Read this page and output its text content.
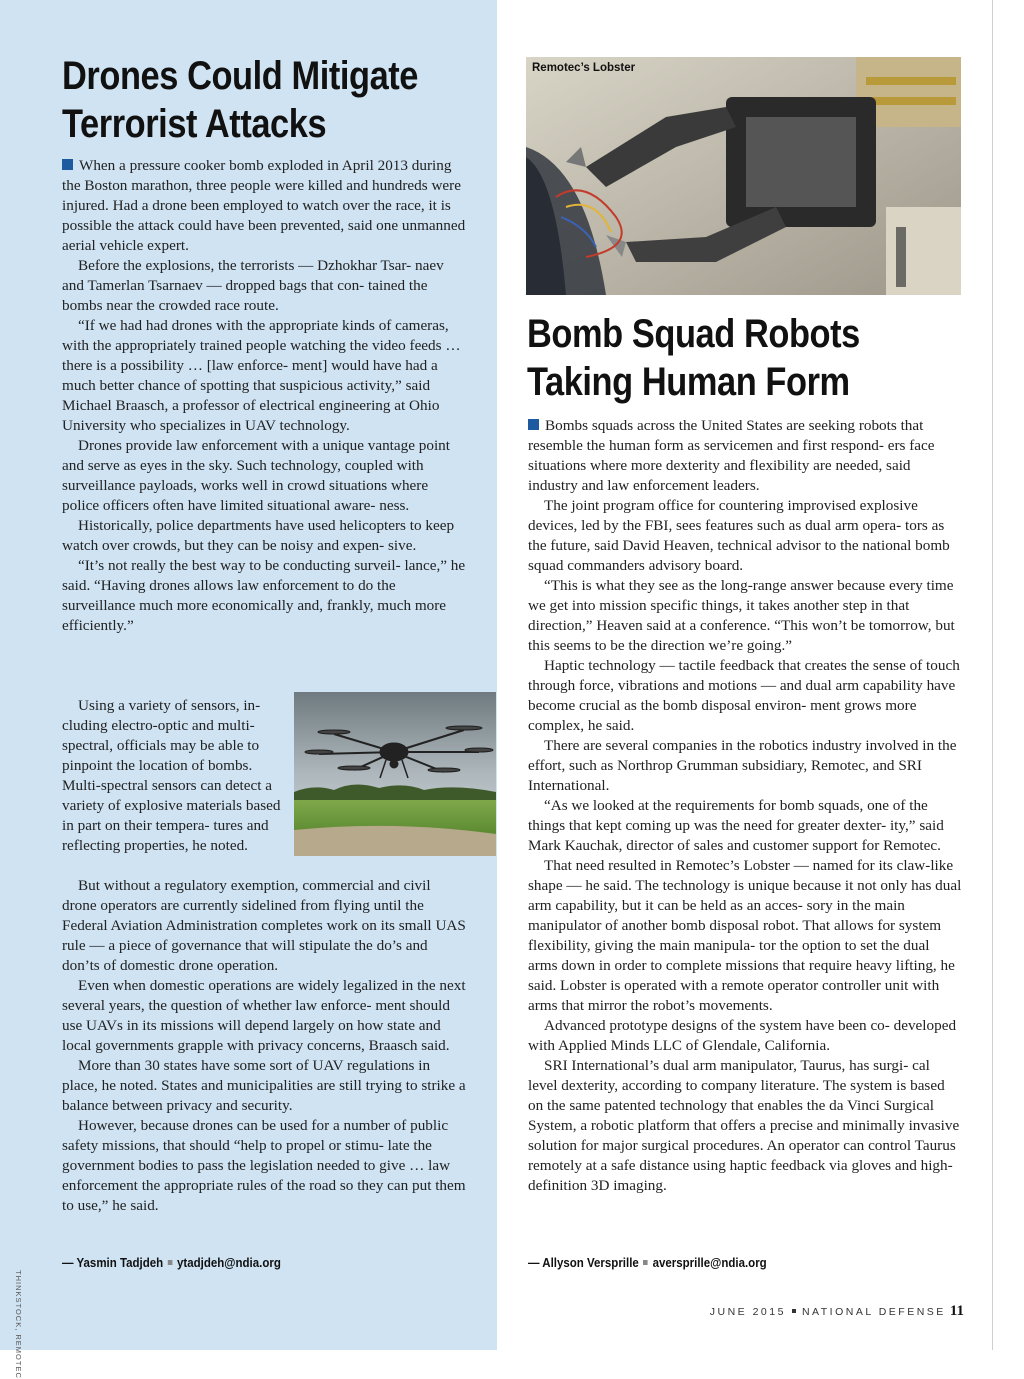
Drones Could Mitigate
Terrorist Attacks

When a pressure cooker bomb exploded in April 2013 during the Boston marathon, three people were killed and hundreds were injured. Had a drone been employed to watch over the race, it is possible the attack could have been prevented, said one unmanned aerial vehicle expert.

Before the explosions, the terrorists — Dzhokhar Tsar- naev and Tamerlan Tsarnaev — dropped bags that con- tained the bombs near the crowded race route.

“If we had had drones with the appropriate kinds of cameras, with the appropriately trained people watching the video feeds … there is a possibility … [law enforce- ment] would have had a much better chance of spotting that suspicious activity,” said Michael Braasch, a professor of electrical engineering at Ohio University who specializes in UAV technology.

Drones provide law enforcement with a unique vantage point and serve as eyes in the sky. Such technology, coupled with surveillance payloads, works well in crowd situations where police officers often have limited situational aware- ness.

Historically, police departments have used helicopters to keep watch over crowds, but they can be noisy and expen- sive.

“It’s not really the best way to be conducting surveil- lance,” he said. “Having drones allows law enforcement to do the surveillance much more economically and, frankly, much more efficiently.”

Using a variety of sensors, in- cluding electro-optic and multi- spectral, officials may be able to pinpoint the location of bombs. Multi-spectral sensors can detect a variety of explosive materials based in part on their tempera- tures and reflecting properties, he noted.

But without a regulatory exemption, commercial and civil drone operators are currently sidelined from flying until the Federal Aviation Administration completes work on its small UAS rule — a piece of governance that will stipulate the do’s and don’ts of domestic drone operation.

Even when domestic operations are widely legalized in the next several years, the question of whether law enforce- ment should use UAVs in its missions will depend largely on how state and local governments grapple with privacy concerns, Braasch said.

More than 30 states have some sort of UAV regulations in place, he noted. States and municipalities are still trying to strike a balance between privacy and security.

However, because drones can be used for a number of public safety missions, that should “help to propel or stimu- late the government bodies to pass the legislation needed to give … law enforcement the appropriate rules of the road so they can put them to use,” he said.

— Yasmin Tadjdeh ytadjdeh@ndia.org
THINKSTOCK, REMOTEC
Remotec’s Lobster
Bomb Squad Robots
Taking Human Form

Bombs squads across the United States are seeking robots that resemble the human form as servicemen and first respond- ers face situations where more dexterity and flexibility are needed, said industry and law enforcement leaders.

The joint program office for countering improvised explosive devices, led by the FBI, sees features such as dual arm opera- tors as the future, said David Heaven, technical advisor to the national bomb squad commanders advisory board.

“This is what they see as the long-range answer because every time we get into mission specific things, it takes another step in that direction,” Heaven said at a conference. “This won’t be tomorrow, but this seems to be the direction we’re going.”

Haptic technology — tactile feedback that creates the sense of touch through force, vibrations and motions — and dual arm capability have become crucial as the bomb disposal environ- ment grows more complex, he said.

There are several companies in the robotics industry involved in the effort, such as Northrop Grumman subsidiary, Remotec, and SRI International.

“As we looked at the requirements for bomb squads, one of the things that kept coming up was the need for greater dexter- ity,” said Mark Kauchak, director of sales and customer support for Remotec.

That need resulted in Remotec’s Lobster — named for its claw-like shape — he said. The technology is unique because it not only has dual arm capability, but it can be held as an acces- sory in the main manipulator of another bomb disposal robot. That allows for system flexibility, giving the main manipula- tor the option to set the dual arms down in order to complete missions that require heavy lifting, he said. Lobster is operated with a remote operator controller unit with arms that mirror the robot’s movements.

Advanced prototype designs of the system have been co- developed with Applied Minds LLC of Glendale, California.

SRI International’s dual arm manipulator, Taurus, has surgi- cal level dexterity, according to company literature. The system is based on the same patented technology that enables the da Vinci Surgical System, a robotic platform that offers a precise and minimally invasive solution for major surgical procedures. An operator can control Taurus remotely at a safe distance using haptic feedback via gloves and high-definition 3D imaging.

— Allyson Versprille aversprille@ndia.org
JUNE 2015 NATIONAL DEFENSE 11
